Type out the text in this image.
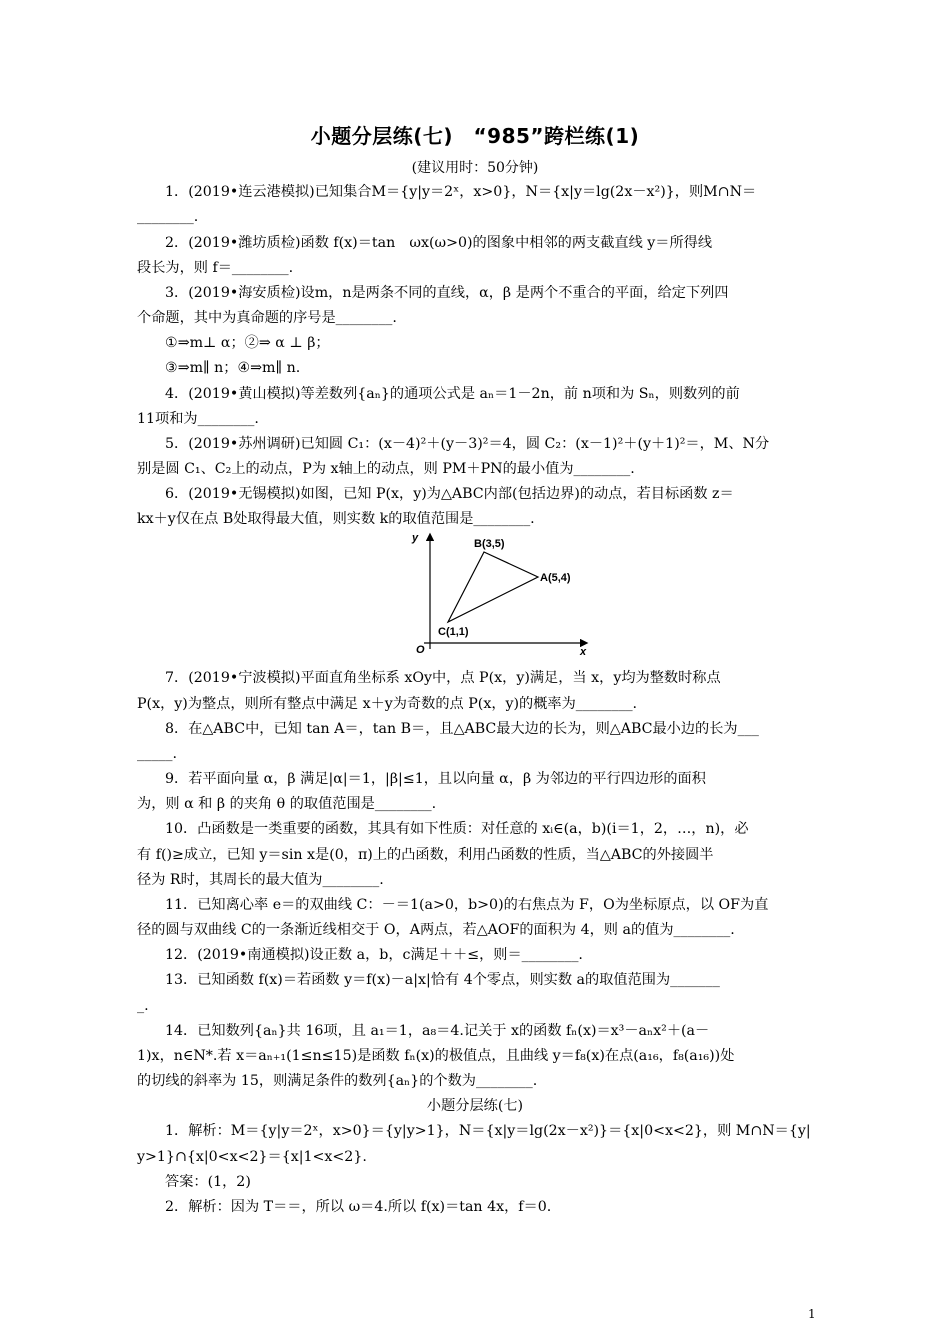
小题分层练(七)　“985”跨栏练(1)
(建议用时：50分钟)
1．(2019•连云港模拟)已知集合M＝{y|y＝2ˣ，x>0}，N＝{x|y＝lg(2x－x²)}，则M∩N＝
________.
2．(2019•潍坊质检)函数 f(x)＝tan　ωx(ω>0)的图象中相邻的两支截直线 y＝所得线
段长为，则 f＝________.
3．(2019•海安质检)设m，n是两条不同的直线，α，β 是两个不重合的平面，给定下列四
个命题，其中为真命题的序号是________.
①⇒m⊥ α；②⇒ α ⊥ β；
③⇒m∥ n；④⇒m∥ n.
4．(2019•黄山模拟)等差数列{aₙ}的通项公式是 aₙ＝1－2n，前 n项和为 Sₙ，则数列的前
11项和为________.
5．(2019•苏州调研)已知圆 C₁：(x－4)²＋(y－3)²＝4，圆 C₂：(x－1)²＋(y＋1)²＝，M、N分
别是圆 C₁、C₂上的动点，P为 x轴上的动点，则 PM＋PN的最小值为________.
6．(2019•无锡模拟)如图，已知 P(x，y)为△ABC内部(包括边界)的动点，若目标函数 z＝
kx＋y仅在点 B处取得最大值，则实数 k的取值范围是________.
y
x
O
B(3,5)
A(5,4)
C(1,1)
7．(2019•宁波模拟)平面直角坐标系 xOy中，点 P(x，y)满足，当 x，y均为整数时称点
P(x，y)为整点，则所有整点中满足 x＋y为奇数的点 P(x，y)的概率为________.
8．在△ABC中，已知 tan A＝，tan B＝，且△ABC最大边的长为，则△ABC最小边的长为___
_____.
9．若平面向量 α，β 满足|α|＝1，|β|≤1，且以向量 α，β 为邻边的平行四边形的面积
为，则 α 和 β 的夹角 θ 的取值范围是________.
10．凸函数是一类重要的函数，其具有如下性质：对任意的 xᵢ∈(a，b)(i＝1，2，…，n)，必
有 f()≥成立，已知 y＝sin x是(0，π)上的凸函数，利用凸函数的性质，当△ABC的外接圆半
径为 R时，其周长的最大值为________.
11．已知离心率 e＝的双曲线 C：－＝1(a>0，b>0)的右焦点为 F，O为坐标原点，以 OF为直
径的圆与双曲线 C的一条渐近线相交于 O，A两点，若△AOF的面积为 4，则 a的值为________.
12．(2019•南通模拟)设正数 a，b，c满足＋＋≤，则＝________.
13．已知函数 f(x)＝若函数 y＝f(x)－a|x|恰有 4个零点，则实数 a的取值范围为_______
_.
14．已知数列{aₙ}共 16项，且 a₁＝1，a₈＝4.记关于 x的函数 fₙ(x)＝x³－aₙx²＋(a－
1)x，n∈N*.若 x＝aₙ₊₁(1≤n≤15)是函数 fₙ(x)的极值点，且曲线 y＝f₈(x)在点(a₁₆，f₈(a₁₆))处
的切线的斜率为 15，则满足条件的数列{aₙ}的个数为________.
小题分层练(七)
1．解析：M＝{y|y＝2ˣ，x>0}＝{y|y>1}，N＝{x|y＝lg(2x－x²)}＝{x|0<x<2}，则 M∩N＝{y|
y>1}∩{x|0<x<2}＝{x|1<x<2}.
答案：(1，2)
2．解析：因为 T＝＝，所以 ω＝4.所以 f(x)＝tan 4x，f＝0.
1
